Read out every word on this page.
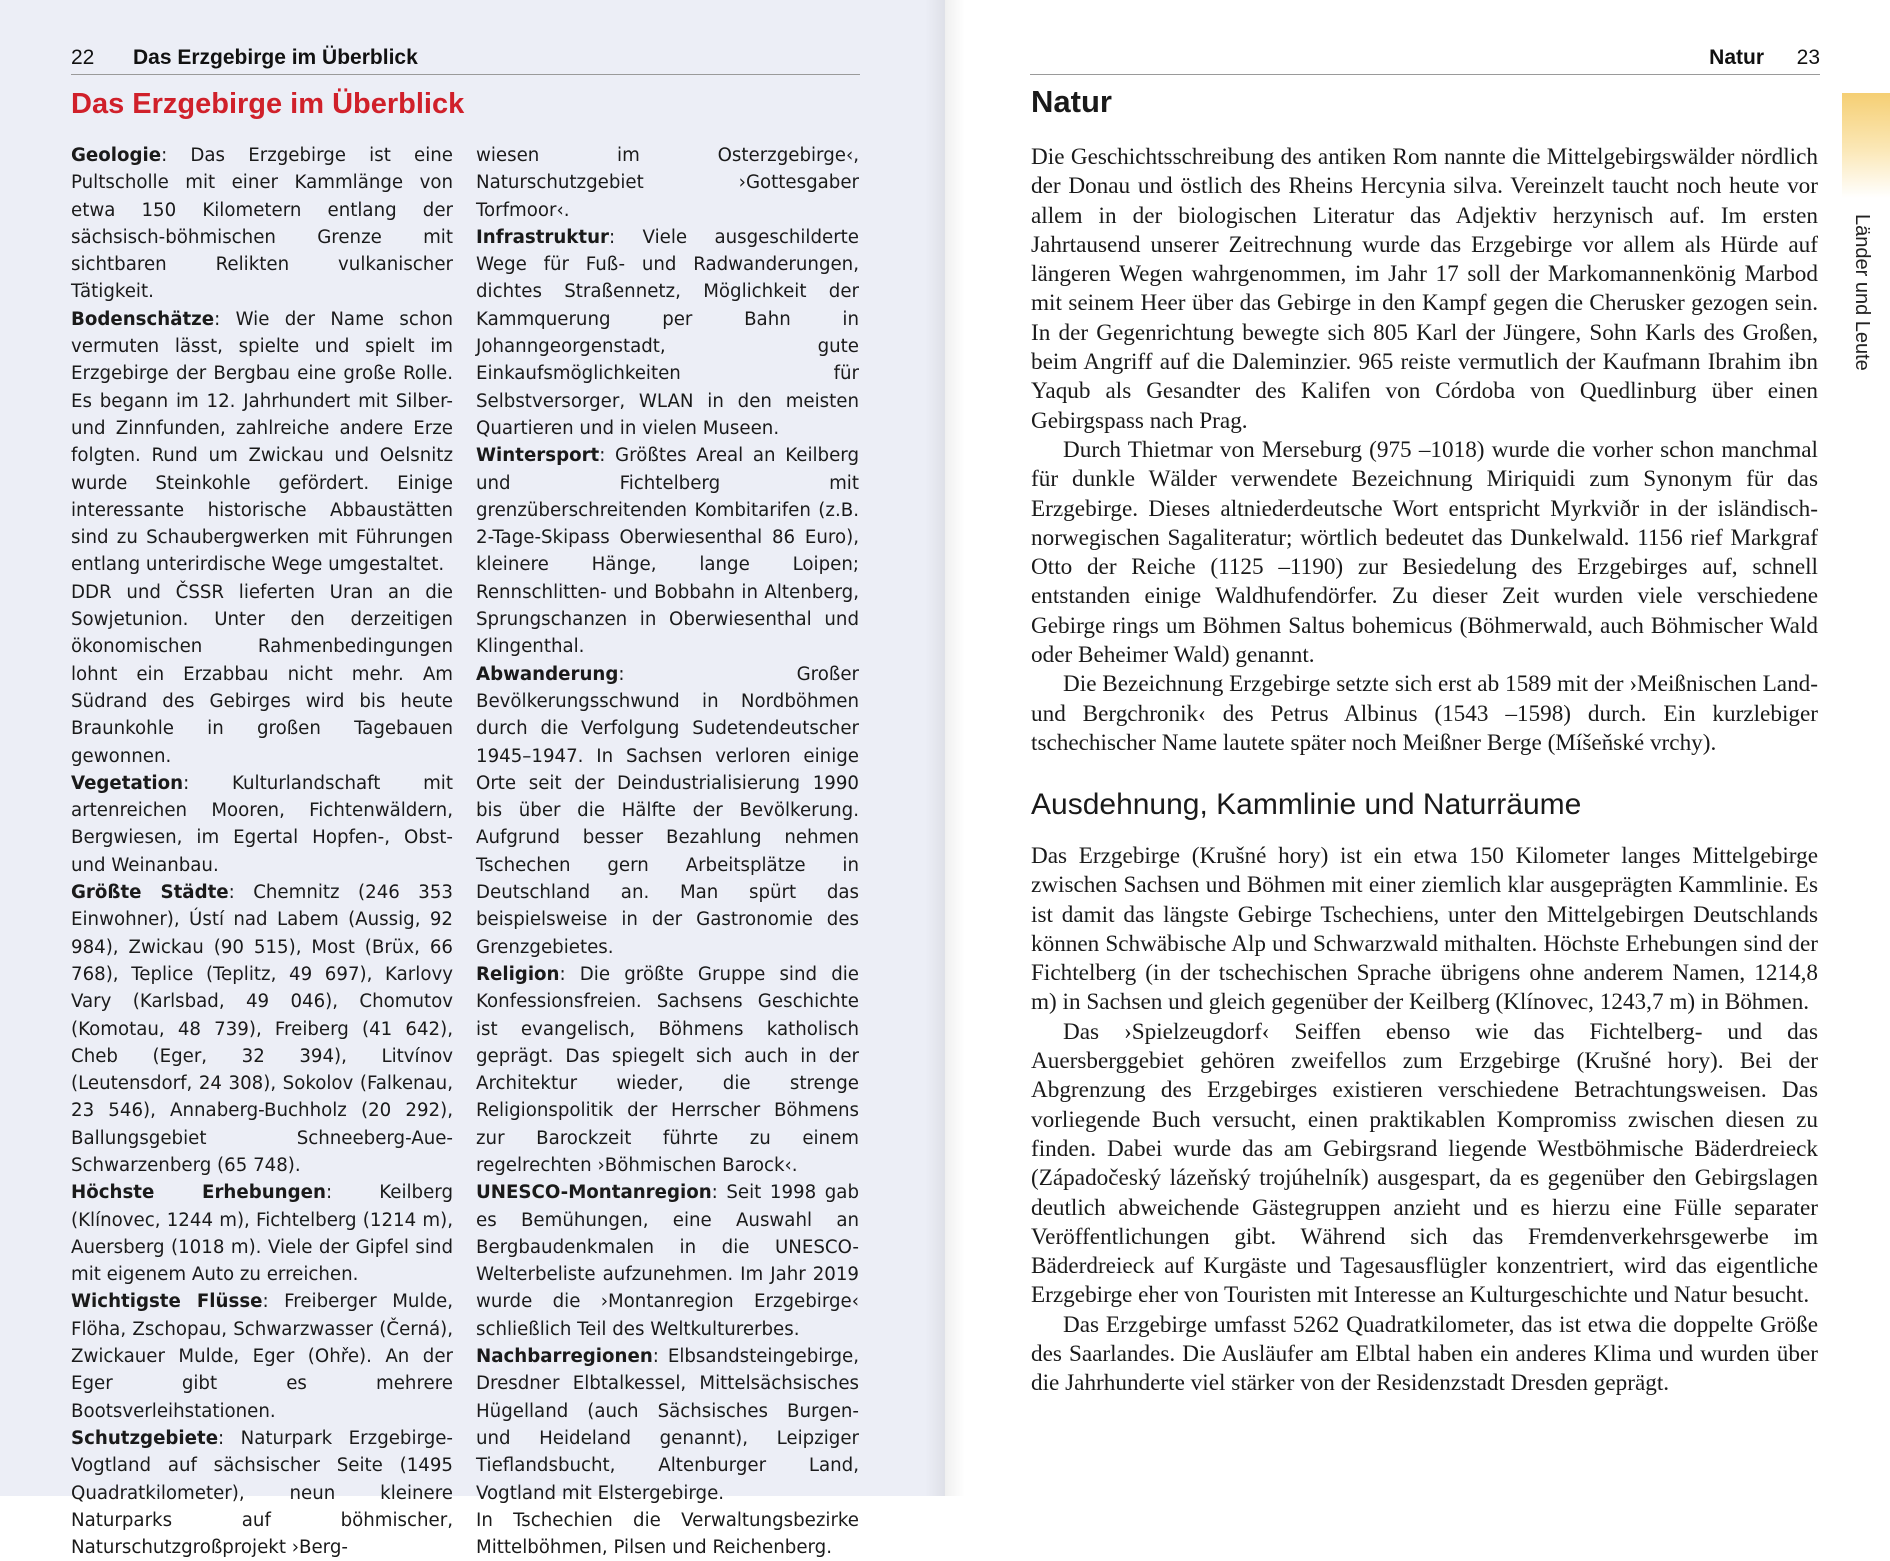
22 Das Erzgebirge im Überblick
Das Erzgebirge im Überblick

Geologie: Das Erzgebirge ist eine Pultscholle mit einer Kammlänge von etwa 150 Kilometern entlang der sächsisch-böhmischen Grenze mit sichtbaren Relikten vulkanischer Tätigkeit.

Bodenschätze: Wie der Name schon vermuten lässt, spielte und spielt im Erzgebirge der Bergbau eine große Rolle. Es begann im 12. Jahrhundert mit Silber- und Zinnfunden, zahlreiche andere Erze folgten. Rund um Zwickau und Oelsnitz wurde Steinkohle gefördert. Einige interessante historische Abbaustätten sind zu Schaubergwerken mit Führungen entlang unterirdische Wege umgestaltet.

DDR und ČSSR lieferten Uran an die Sowjetunion. Unter den derzeitigen ökonomischen Rahmenbedingungen lohnt ein Erzabbau nicht mehr. Am Südrand des Gebirges wird bis heute Braunkohle in großen Tagebauen gewonnen.

Vegetation: Kulturlandschaft mit artenreichen Mooren, Fichtenwäldern, Bergwiesen, im Egertal Hopfen-, Obst- und Weinanbau.

Größte Städte: Chemnitz (246 353 Einwohner), Ústí nad Labem (Aussig, 92 984), Zwickau (90 515), Most (Brüx, 66 768), Teplice (Teplitz, 49 697), Karlovy Vary (Karlsbad, 49 046), Chomutov (Komotau, 48 739), Freiberg (41 642), Cheb (Eger, 32 394), Litvínov (Leutensdorf, 24 308), Sokolov (Falkenau, 23 546), Annaberg-Buchholz (20 292), Ballungsgebiet Schneeberg-Aue-Schwarzenberg (65 748).

Höchste Erhebungen: Keilberg (Klínovec, 1244 m), Fichtelberg (1214 m), Auersberg (1018 m). Viele der Gipfel sind mit eigenem Auto zu erreichen.

Wichtigste Flüsse: Freiberger Mulde, Flöha, Zschopau, Schwarzwasser (Černá), Zwickauer Mulde, Eger (Ohře). An der Eger gibt es mehrere Bootsverleihstationen.

Schutzgebiete: Naturpark Erzgebirge-Vogtland auf sächsischer Seite (1495 Quadratkilometer), neun kleinere Naturparks auf böhmischer, Naturschutzgroßprojekt ›Berg-

wiesen im Osterzgebirge‹, Naturschutzgebiet ›Gottesgaber Torfmoor‹.

Infrastruktur: Viele ausgeschilderte Wege für Fuß- und Radwanderungen, dichtes Straßennetz, Möglichkeit der Kammquerung per Bahn in Johanngeorgenstadt, gute Einkaufsmöglichkeiten für Selbstversorger, WLAN in den meisten Quartieren und in vielen Museen.

Wintersport: Größtes Areal an Keilberg und Fichtelberg mit grenzüberschreitenden Kombitarifen (z.B. 2-Tage-Skipass Oberwiesenthal 86 Euro), kleinere Hänge, lange Loipen; Rennschlitten- und Bobbahn in Altenberg, Sprungschanzen in Oberwiesenthal und Klingenthal.

Abwanderung: Großer Bevölkerungsschwund in Nordböhmen durch die Verfolgung Sudetendeutscher 1945–1947. In Sachsen verloren einige Orte seit der Deindustrialisierung 1990 bis über die Hälfte der Bevölkerung. Aufgrund besser Bezahlung nehmen Tschechen gern Arbeitsplätze in Deutschland an. Man spürt das beispielsweise in der Gastronomie des Grenzgebietes.

Religion: Die größte Gruppe sind die Konfessionsfreien. Sachsens Geschichte ist evangelisch, Böhmens katholisch geprägt. Das spiegelt sich auch in der Architektur wieder, die strenge Religionspolitik der Herrscher Böhmens zur Barockzeit führte zu einem regelrechten ›Böhmischen Barock‹.

UNESCO-Montanregion: Seit 1998 gab es Bemühungen, eine Auswahl an Bergbaudenkmalen in die UNESCO-Welterbeliste aufzunehmen. Im Jahr 2019 wurde die ›Montanregion Erzgebirge‹ schließlich Teil des Weltkulturerbes.

Nachbarregionen: Elbsandsteingebirge, Dresdner Elbtalkessel, Mittelsächsisches Hügelland (auch Sächsisches Burgen- und Heideland genannt), Leipziger Tieflandsbucht, Altenburger Land, Vogtland mit Elstergebirge.

In Tschechien die Verwaltungsbezirke Mittelböhmen, Pilsen und Reichenberg.

Natur 23
Länder und Leute
Natur

Die Geschichtsschreibung des antiken Rom nannte die Mittelgebirgswälder nördlich der Donau und östlich des Rheins Hercynia silva. Vereinzelt taucht noch heute vor allem in der biologischen Literatur das Adjektiv herzynisch auf. Im ersten Jahrtausend unserer Zeitrechnung wurde das Erzgebirge vor allem als Hürde auf längeren Wegen wahrgenommen, im Jahr 17 soll der Markomannenkönig Marbod mit seinem Heer über das Gebirge in den Kampf gegen die Cherusker gezogen sein. In der Gegenrichtung bewegte sich 805 Karl der Jüngere, Sohn Karls des Großen, beim Angriff auf die Daleminzier. 965 reiste vermutlich der Kaufmann Ibrahim ibn Yaqub als Gesandter des Kalifen von Córdoba von Quedlinburg über einen Gebirgspass nach Prag.

Durch Thietmar von Merseburg (975 –1018) wurde die vorher schon manchmal für dunkle Wälder verwendete Bezeichnung Miriquidi zum Synonym für das Erzgebirge. Dieses altniederdeutsche Wort entspricht Myrkviðr in der isländisch-norwegischen Sagaliteratur; wörtlich bedeutet das Dunkelwald. 1156 rief Markgraf Otto der Reiche (1125 –1190) zur Besiedelung des Erzgebirges auf, schnell entstanden einige Waldhufendörfer. Zu dieser Zeit wurden viele verschiedene Gebirge rings um Böhmen Saltus bohemicus (Böhmerwald, auch Böhmischer Wald oder Beheimer Wald) genannt.

Die Bezeichnung Erzgebirge setzte sich erst ab 1589 mit der ›Meißnischen Land- und Bergchronik‹ des Petrus Albinus (1543 –1598) durch. Ein kurzlebiger tschechischer Name lautete später noch Meißner Berge (Míšeňské vrchy).

Ausdehnung, Kammlinie und Naturräume

Das Erzgebirge (Krušné hory) ist ein etwa 150 Kilometer langes Mittelgebirge zwischen Sachsen und Böhmen mit einer ziemlich klar ausgeprägten Kammlinie. Es ist damit das längste Gebirge Tschechiens, unter den Mittelgebirgen Deutschlands können Schwäbische Alp und Schwarzwald mithalten. Höchste Erhebungen sind der Fichtelberg (in der tschechischen Sprache übrigens ohne anderem Namen, 1214,8 m) in Sachsen und gleich gegenüber der Keilberg (Klínovec, 1243,7 m) in Böhmen.

Das ›Spielzeugdorf‹ Seiffen ebenso wie das Fichtelberg- und das Auersberggebiet gehören zweifellos zum Erzgebirge (Krušné hory). Bei der Abgrenzung des Erzgebirges existieren verschiedene Betrachtungsweisen. Das vorliegende Buch versucht, einen praktikablen Kompromiss zwischen diesen zu finden. Dabei wurde das am Gebirgsrand liegende Westböhmische Bäderdreieck (Západočeský lázeňský trojúhelník) ausgespart, da es gegenüber den Gebirgslagen deutlich abweichende Gästegruppen anzieht und es hierzu eine Fülle separater Veröffentlichungen gibt. Während sich das Fremdenverkehrsgewerbe im Bäderdreieck auf Kurgäste und Tagesausflügler konzentriert, wird das eigentliche Erzgebirge eher von Touristen mit Interesse an Kulturgeschichte und Natur besucht.

Das Erzgebirge umfasst 5262 Quadratkilometer, das ist etwa die doppelte Größe des Saarlandes. Die Ausläufer am Elbtal haben ein anderes Klima und wurden über die Jahrhunderte viel stärker von der Residenzstadt Dresden geprägt.
